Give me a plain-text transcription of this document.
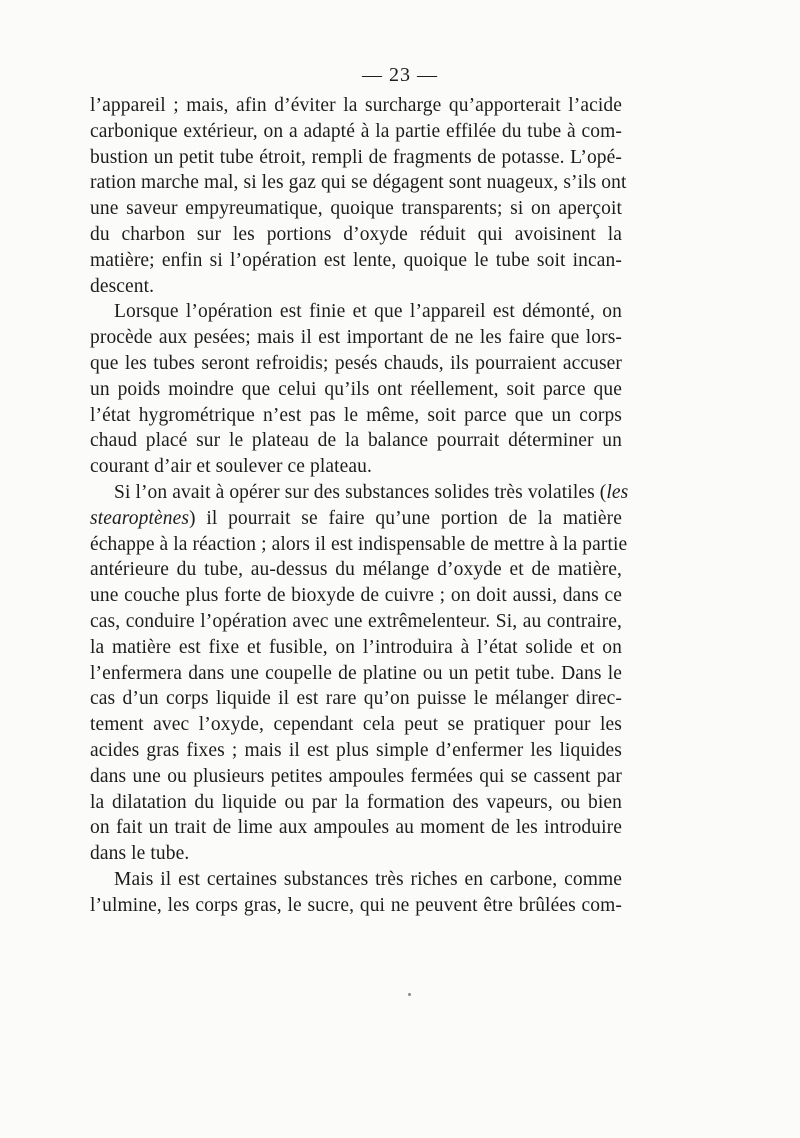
— 23 —
l’appareil ; mais, afin d’éviter la surcharge qu’apporterait l’acide
carbonique extérieur, on a adapté à la partie effilée du tube à com-
bustion un petit tube étroit, rempli de fragments de potasse. L’opé-
ration marche mal, si les gaz qui se dégagent sont nuageux, s’ils ont
une saveur empyreumatique, quoique transparents; si on aperçoit
du charbon sur les portions d’oxyde réduit qui avoisinent la
matière; enfin si l’opération est lente, quoique le tube soit incan-
descent.
Lorsque l’opération est finie et que l’appareil est démonté, on
procède aux pesées; mais il est important de ne les faire que lors-
que les tubes seront refroidis; pesés chauds, ils pourraient accuser
un poids moindre que celui qu’ils ont réellement, soit parce que
l’état hygrométrique n’est pas le même, soit parce que un corps
chaud placé sur le plateau de la balance pourrait déterminer un
courant d’air et soulever ce plateau.
Si l’on avait à opérer sur des substances solides très volatiles (les
stearoptènes) il pourrait se faire qu’une portion de la matière
échappe à la réaction ; alors il est indispensable de mettre à la partie
antérieure du tube, au-dessus du mélange d’oxyde et de matière,
une couche plus forte de bioxyde de cuivre ; on doit aussi, dans ce
cas, conduire l’opération avec une extrêmelenteur. Si, au contraire,
la matière est fixe et fusible, on l’introduira à l’état solide et on
l’enfermera dans une coupelle de platine ou un petit tube. Dans le
cas d’un corps liquide il est rare qu’on puisse le mélanger direc-
tement avec l’oxyde, cependant cela peut se pratiquer pour les
acides gras fixes ; mais il est plus simple d’enfermer les liquides
dans une ou plusieurs petites ampoules fermées qui se cassent par
la dilatation du liquide ou par la formation des vapeurs, ou bien
on fait un trait de lime aux ampoules au moment de les introduire
dans le tube.
Mais il est certaines substances très riches en carbone, comme
l’ulmine, les corps gras, le sucre, qui ne peuvent être brûlées com-
